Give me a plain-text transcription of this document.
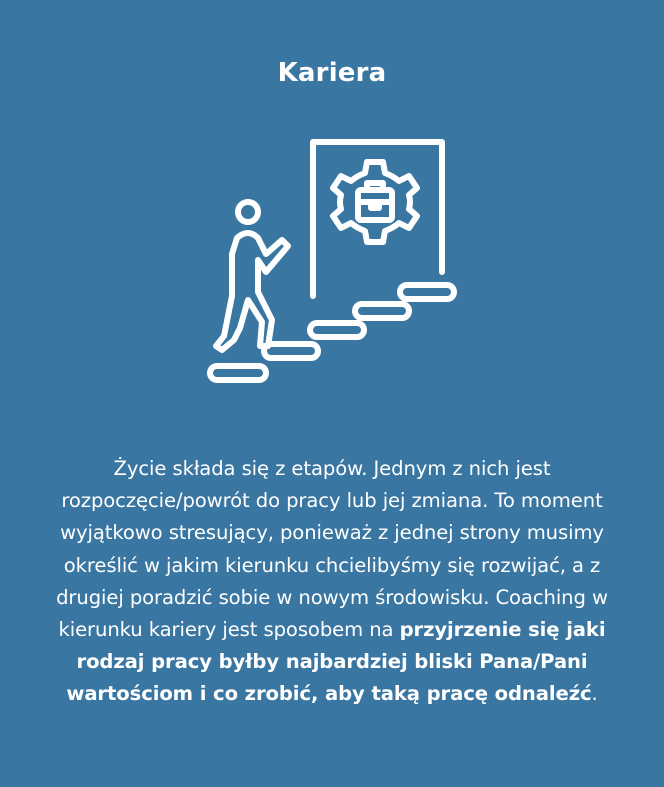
Kariera
Życie składa się z etapów. Jednym z nich jest rozpoczęcie/powrót do pracy lub jej zmiana. To moment wyjątkowo stresujący, ponieważ z jednej strony musimy określić w jakim kierunku chcielibyśmy się rozwijać, a z drugiej poradzić sobie w nowym środowisku. Coaching w kierunku kariery jest sposobem na przyjrzenie się jaki rodzaj pracy byłby najbardziej bliski Pana/Pani wartościom i co zrobić, aby taką pracę odnaleźć.
